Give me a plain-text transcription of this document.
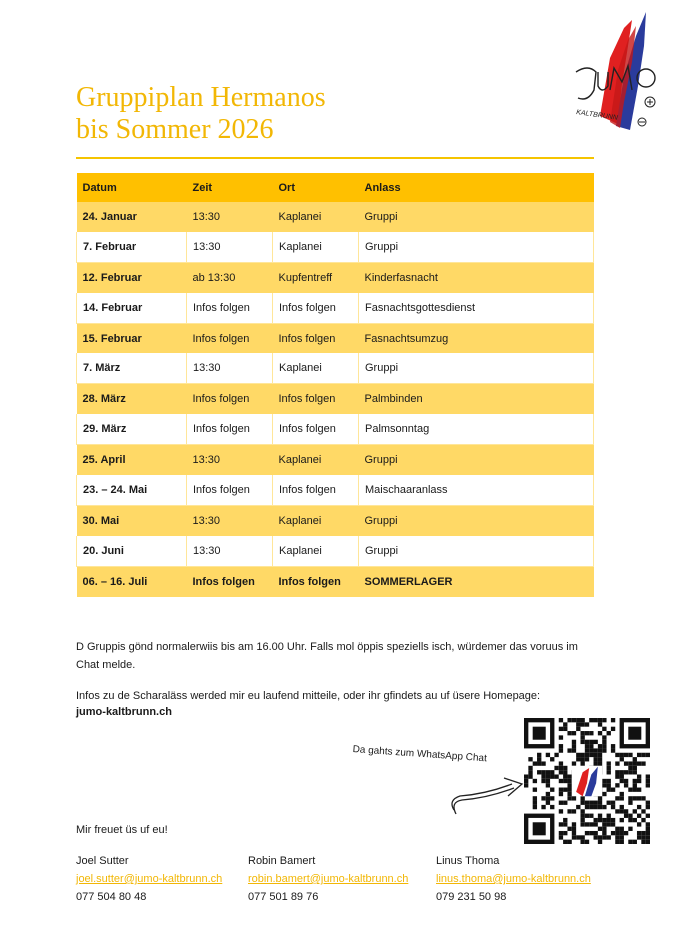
Gruppiplan Hermanos
bis Sommer 2026	KALTBRUNN
Datum	Zeit	Ort	Anlass
24. Januar	13:30	Kaplanei	Gruppi
7. Februar	13:30	Kaplanei	Gruppi
12. Februar	ab 13:30	Kupfentreff	Kinderfasnacht
14. Februar	Infos folgen	Infos folgen	Fasnachtsgottesdienst
15. Februar	Infos folgen	Infos folgen	Fasnachtsumzug
7. März	13:30	Kaplanei	Gruppi
28. März	Infos folgen	Infos folgen	Palmbinden
29. März	Infos folgen	Infos folgen	Palmsonntag
25. April	13:30	Kaplanei	Gruppi
23. – 24. Mai	Infos folgen	Infos folgen	Maischaaranlass
30. Mai	13:30	Kaplanei	Gruppi
20. Juni	13:30	Kaplanei	Gruppi
06. – 16. Juli	Infos folgen	Infos folgen	SOMMERLAGER

D Gruppis gönd normalerwiis bis am 16.00 Uhr. Falls mol öppis speziells isch, würdemer das voruus im Chat melde.

Infos zu de Scharaläss werded mir eu laufend mitteile, oder ihr gfindets au uf üsere Homepage:

jumo-kaltbrunn.ch
Da gahts zum WhatsApp Chat
Mir freuet üs uf eu!
Joel Sutter
joel.sutter@jumo-kaltbrunn.ch
077 504 80 48
Robin Bamert
robin.bamert@jumo-kaltbrunn.ch
077 501 89 76
Linus Thoma
linus.thoma@jumo-kaltbrunn.ch
079 231 50 98
